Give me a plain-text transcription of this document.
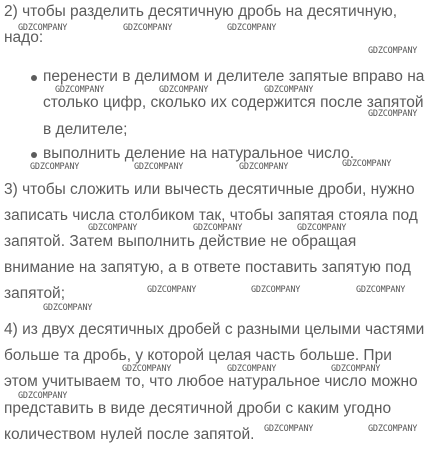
2) чтобы разделить десятичную дробь на десятичную,
надо:
перенести в делимом и делителе запятые вправо на
столько цифр, сколько их содержится после запятой
в делителе;
выполнить деление на натуральное число.
3) чтобы сложить или вычесть десятичные дроби, нужно
записать числа столбиком так, чтобы запятая стояла под
запятой. Затем выполнить действие не обращая
внимание на запятую, а в ответе поставить запятую под
запятой;
4) из двух десятичных дробей с разными целыми частями
больше та дробь, у которой целая часть больше. При
этом учитываем то, что любое натуральное число можно
представить в виде десятичной дроби с каким угодно
количеством нулей после запятой.
GDZCOMPANY	GDZCOMPANY	GDZCOMPANY
GDZCOMPANY
GDZCOMPANY	GDZCOMPANY	GDZCOMPANY
GDZCOMPANY
GDZCOMPANY	GDZCOMPANY	GDZCOMPANY	GDZCOMPANY
GDZCOMPANY	GDZCOMPANY	GDZCOMPANY
GDZCOMPANY	GDZCOMPANY	GDZCOMPANY
GDZCOMPANY
GDZCOMPANY	GDZCOMPANY	GDZCOMPANY
GDZCOMPANY
GDZCOMPANY	GDZCOMPANY
